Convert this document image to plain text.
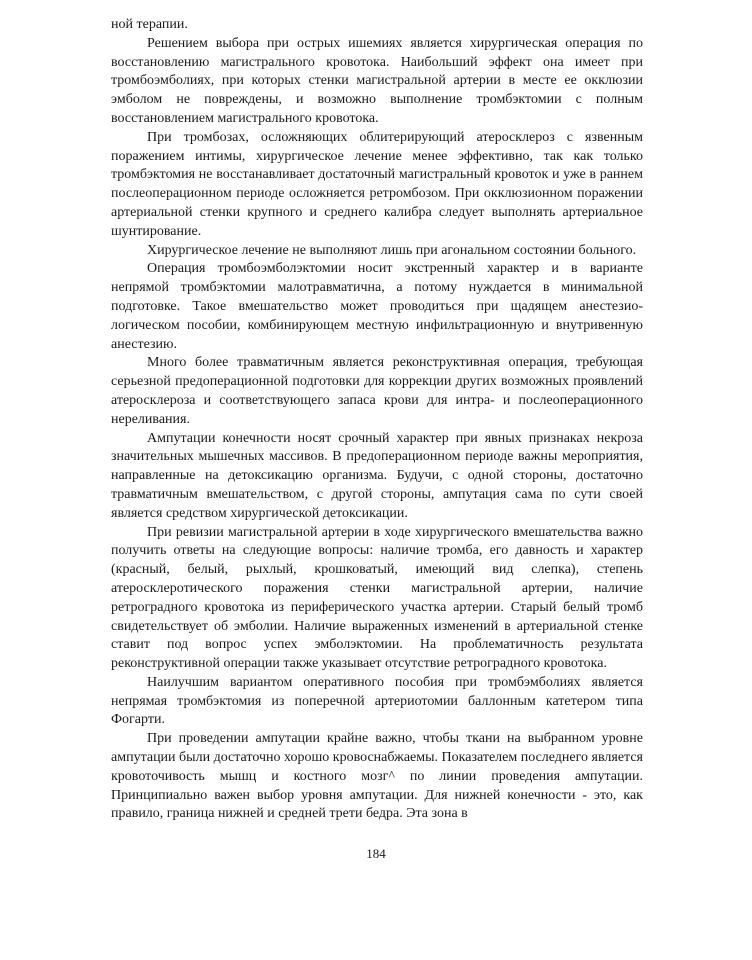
ной терапии.

Решением выбора при острых ишемиях является хирургическая операция по восстановлению магистрального кровотока. Наибольший эффект она имеет при тромбоэмболиях, при которых стенки магистральной артерии в месте ее окклюзии эмболом не повреждены, и возможно выполнение тромбэктомии с полным восстановлением магистрального кровотока.

При тромбозах, осложняющих облитерирующий атеросклероз с язвенным поражением интимы, хирургическое лечение менее эффективно, так как только тромбэктомия не восстанавливает достаточный магистральный кровоток и уже в раннем послеоперационном периоде осложняется ретромбозом. При окклюзионном поражении артериальной стенки крупного и среднего калибра следует выполнять артериальное шунтирование.

Хирургическое лечение не выполняют лишь при агональном состоянии больного.

Операция тромбоэмболэктомии носит экстренный характер и в варианте непрямой тромбэктомии малотравматична, а потому нуждается в минимальной подготовке. Такое вмешательство может проводиться при щадящем анестезиологическом пособии, комбинирующем местную инфильтрационную и внутривенную анестезию.

Много более травматичным является реконструктивная операция, требующая серьезной предоперационной подготовки для коррекции других возможных проявлений атеросклероза и соответствующего запаса крови для интра- и послеоперационного нереливания.

Ампутации конечности носят срочный характер при явных признаках некроза значительных мышечных массивов. В предоперационном периоде важны мероприятия, направленные на детоксикацию организма. Будучи, с одной стороны, достаточно травматичным вмешательством, с другой стороны, ампутация сама по сути своей является средством хирургической детоксикации.

При ревизии магистральной артерии в ходе хирургического вмешательства важно получить ответы на следующие вопросы: наличие тромба, его давность и характер (красный, белый, рыхлый, крошковатый, имеющий вид слепка), степень атеросклеротического поражения стенки магистральной артерии, наличие ретроградного кровотока из периферического участка артерии. Старый белый тромб свидетельствует об эмболии. Наличие выраженных изменений в артериальной стенке ставит под вопрос успех эмболэктомии. На проблематичность результата реконструктивной операции также указывает отсутствие ретроградного кровотока.

Наилучшим вариантом оперативного пособия при тромбэмболиях является непрямая тромбэктомия из поперечной артериотомии баллонным катетером типа Фогарти.

При проведении ампутации крайне важно, чтобы ткани на выбранном уровне ампутации были достаточно хорошо кровоснабжаемы. Показателем последнего является кровоточивость мышц и костного мозг^ по линии проведения ампутации. Принципиально важен выбор уровня ампутации. Для нижней конечности - это, как правило, граница нижней и средней трети бедра. Эта зона в

184
